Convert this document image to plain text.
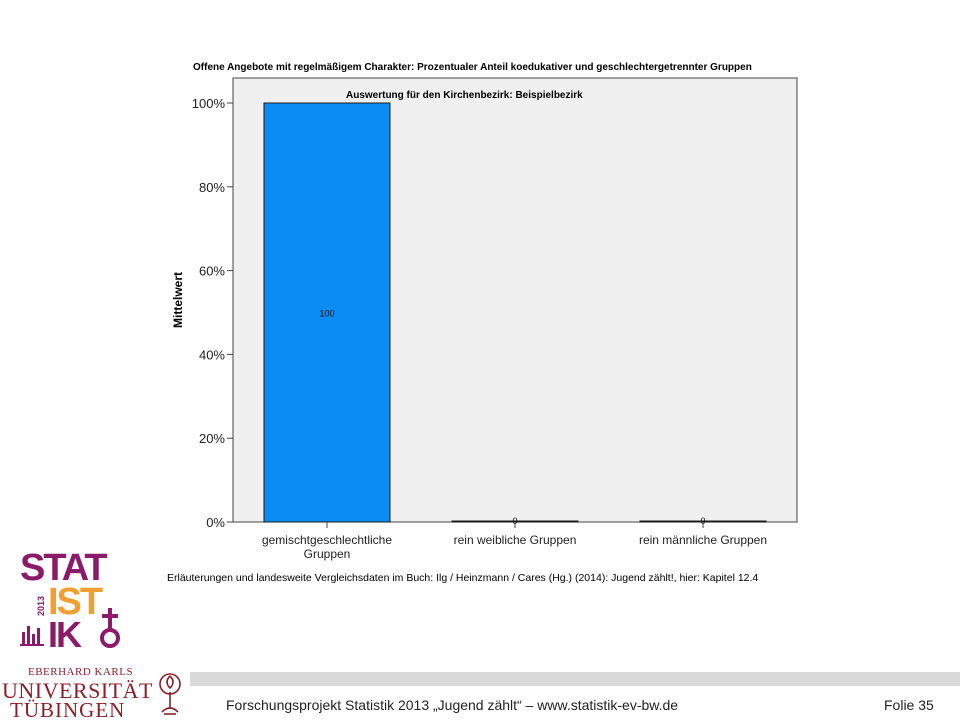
Offene Angebote mit regelmäßigem Charakter: Prozentualer Anteil koedukativer und geschlechtergetrennter Gruppen
Auswertung für den Kirchenbezirk: Beispielbezirk
Mittelwert
0%
20%
40%
60%
80%
100%
100
0	0
gemischtgeschlechtliche
Gruppen
rein weibliche Gruppen	rein männliche Gruppen
Erläuterungen und landesweite Vergleichsdaten im Buch: Ilg / Heinzmann / Cares (Hg.) (2014): Jugend zählt!, hier: Kapitel 12.4
STAT
2013 IST
IK
EBERHARD KARLS
UNIVERSITÄT
TÜBINGEN	Forschungsprojekt Statistik 2013 „Jugend zählt“ – www.statistik-ev-bw.de	Folie 35
